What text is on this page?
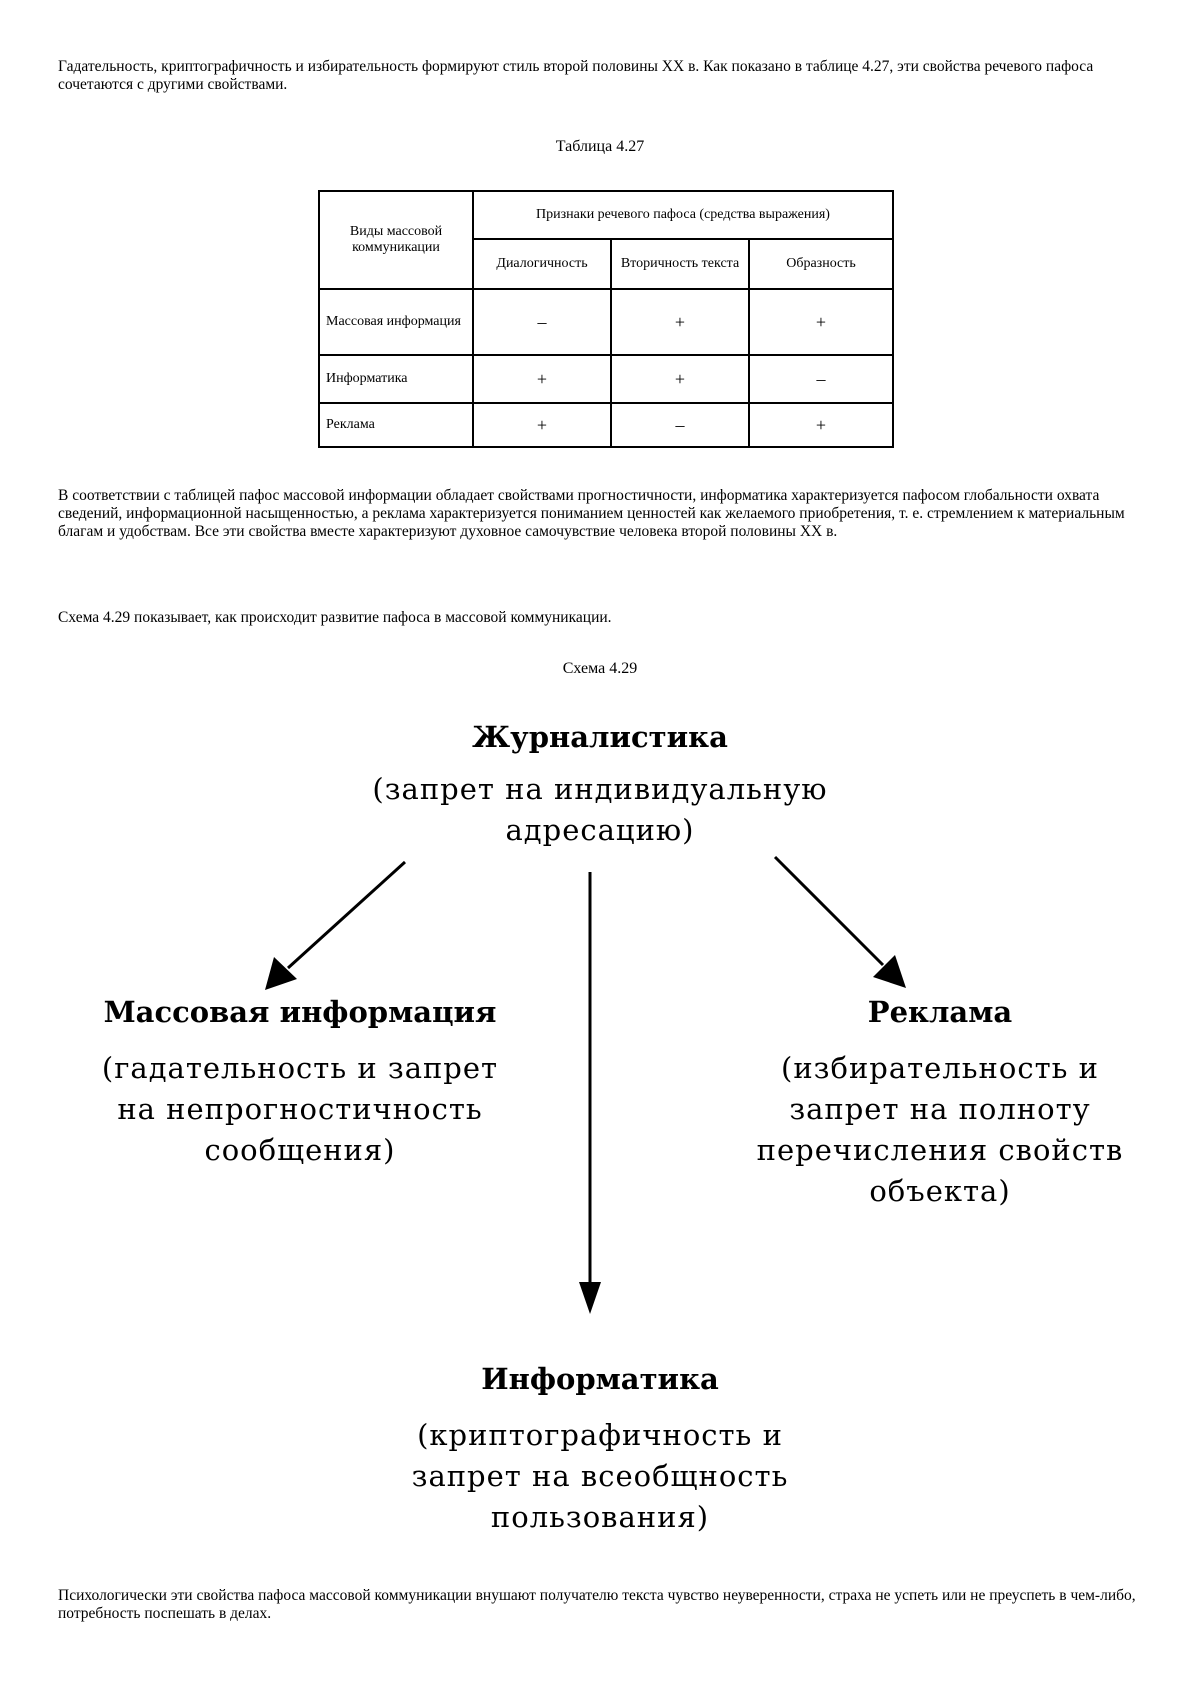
Гадательность, криптографичность и избирательность формируют стиль второй половины XX в. Как показано в таблице 4.27, эти свойства речевого пафоса сочетаются с другими свойствами.

Таблица 4.27
Виды массовой коммуникации	Признаки речевого пафоса (средства выражения)		
	Диалогичность	Вторичность текста	Образность
Массовая информация	–	+	+
Информатика	+	+	–
Реклама	+	–	+

В соответствии с таблицей пафос массовой информации обладает свойствами прогностичности, информатика характеризуется пафосом глобальности охвата сведений, информационной насыщенностью, а реклама характеризуется пониманием ценностей как желаемого приобретения, т. е. стремлением к материальным благам и удобствам. Все эти свойства вместе характеризуют духовное самочувствие человека второй половины XX в.

Схема 4.29 показывает, как происходит развитие пафоса в массовой коммуникации.

Схема 4.29
Журналистика
(запрет на индивидуальную
адресацию)
Массовая информация
(гадательность и запрет
на непрогностичность
сообщения)
Реклама
(избирательность и
запрет на полноту
перечисления свойств
объекта)
Информатика
(криптографичность и
запрет на всеобщность
пользования)

Психологически эти свойства пафоса массовой коммуникации внушают получателю текста чувство неуверенности, страха не успеть или не преуспеть в чем-либо, потребность поспешать в делах.
